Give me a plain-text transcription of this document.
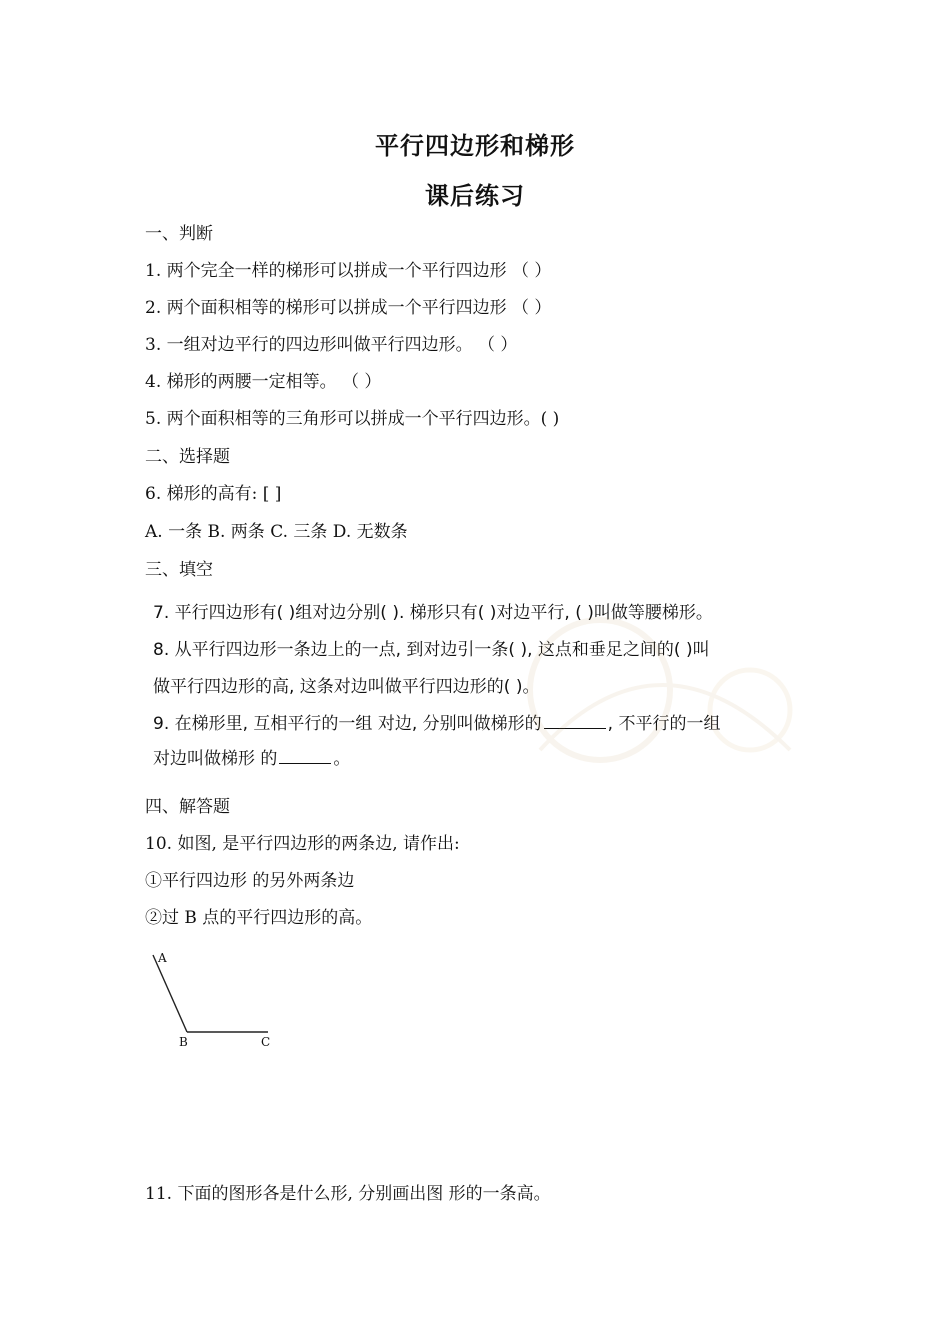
平行四边形和梯形
课后练习
一、判断
1. 两个完全一样的梯形可以拼成一个平行四边形 （ ）
2. 两个面积相等的梯形可以拼成一个平行四边形 （ ）
3. 一组对边平行的四边形叫做平行四边形。 （ ）
4. 梯形的两腰一定相等。 （ ）
5. 两个面积相等的三角形可以拼成一个平行四边形。( )
二、选择题
6. 梯形的高有: [ ]
A. 一条 B. 两条 C. 三条 D. 无数条
三、填空
7. 平行四边形有( )组对边分别( ). 梯形只有( )对边平行, ( )叫做等腰梯形。
8. 从平行四边形一条边上的一点, 到对边引一条( ), 这点和垂足之间的( )叫
做平行四边形的高, 这条对边叫做平行四边形的( )。
9. 在梯形里, 互相平行的一组 对边, 分别叫做梯形的	, 不平行的一组
对边叫做梯形 的	。
四、解答题
10. 如图, 是平行四边形的两条边, 请作出:
①平行四边形 的另外两条边
②过 B 点的平行四边形的高。
A
B	C
11. 下面的图形各是什么形, 分别画出图 形的一条高。
